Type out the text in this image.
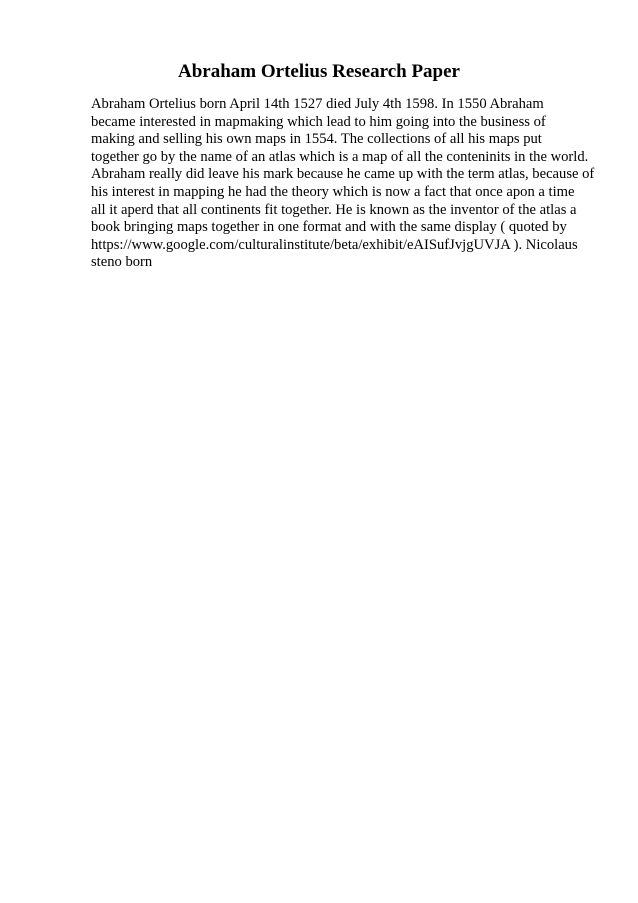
Abraham Ortelius Research Paper
Abraham Ortelius born April 14th 1527 died July 4th 1598. In 1550 Abraham
became interested in mapmaking which lead to him going into the business of
making and selling his own maps in 1554. The collections of all his maps put
together go by the name of an atlas which is a map of all the conteninits in the world.
Abraham really did leave his mark because he came up with the term atlas, because of
his interest in mapping he had the theory which is now a fact that once apon a time
all it aperd that all continents fit together. He is known as the inventor of the atlas a
book bringing maps together in one format and with the same display ( quoted by
https://www.google.com/culturalinstitute/beta/exhibit/eAISufJvjgUVJA ). Nicolaus
steno born
